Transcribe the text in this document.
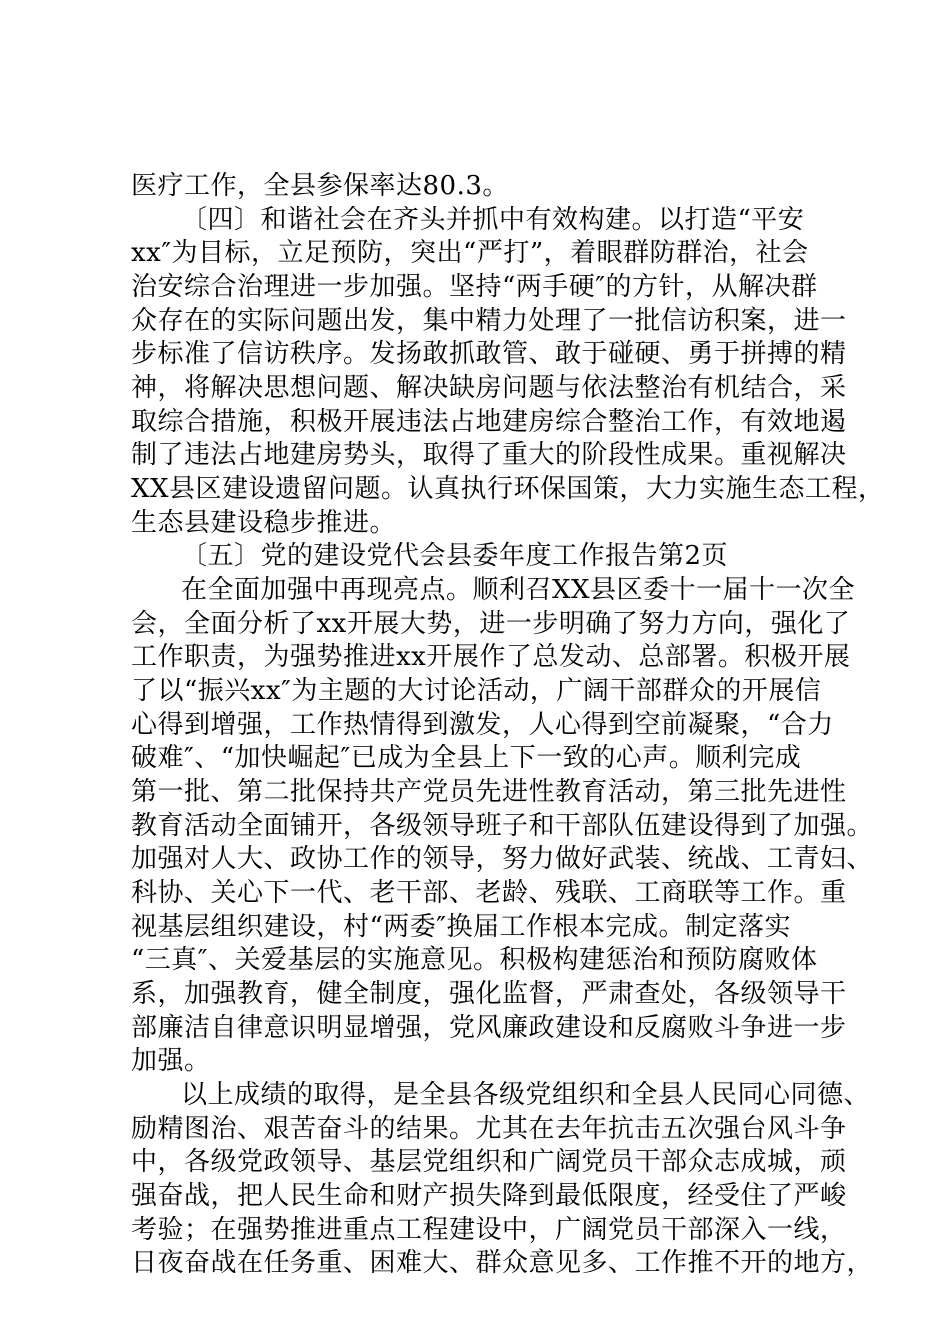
医疗工作，全县参保率达80.3。
〔四〕和谐社会在齐头并抓中有效构建。以打造“平安
xx″为目标，立足预防，突出“严打”，着眼群防群治，社会
治安综合治理进一步加强。坚持“两手硬″的方针，从解决群
众存在的实际问题出发，集中精力处理了一批信访积案，进一
步标准了信访秩序。发扬敢抓敢管、敢于碰硬、勇于拼搏的精
神，将解决思想问题、解决缺房问题与依法整治有机结合，采
取综合措施，积极开展违法占地建房综合整治工作，有效地遏
制了违法占地建房势头，取得了重大的阶段性成果。重视解决
XX县区建设遗留问题。认真执行环保国策，大力实施生态工程，
生态县建设稳步推进。
〔五〕党的建设党代会县委年度工作报告第2页
在全面加强中再现亮点。顺利召XX县区委十一届十一次全
会，全面分析了xx开展大势，进一步明确了努力方向，强化了
工作职责，为强势推进xx开展作了总发动、总部署。积极开展
了以“振兴xx″为主题的大讨论活动，广阔干部群众的开展信
心得到增强，工作热情得到激发，人心得到空前凝聚，“合力
破难″、“加快崛起″已成为全县上下一致的心声。顺利完成
第一批、第二批保持共产党员先进性教育活动，第三批先进性
教育活动全面铺开，各级领导班子和干部队伍建设得到了加强。
加强对人大、政协工作的领导，努力做好武装、统战、工青妇、
科协、关心下一代、老干部、老龄、残联、工商联等工作。重
视基层组织建设，村“两委″换届工作根本完成。制定落实
“三真″、关爱基层的实施意见。积极构建惩治和预防腐败体
系，加强教育，健全制度，强化监督，严肃查处，各级领导干
部廉洁自律意识明显增强，党风廉政建设和反腐败斗争进一步
加强。
以上成绩的取得，是全县各级党组织和全县人民同心同德、
励精图治、艰苦奋斗的结果。尤其在去年抗击五次强台风斗争
中，各级党政领导、基层党组织和广阔党员干部众志成城，顽
强奋战，把人民生命和财产损失降到最低限度，经受住了严峻
考验；在强势推进重点工程建设中，广阔党员干部深入一线，
日夜奋战在任务重、困难大、群众意见多、工作推不开的地方，
